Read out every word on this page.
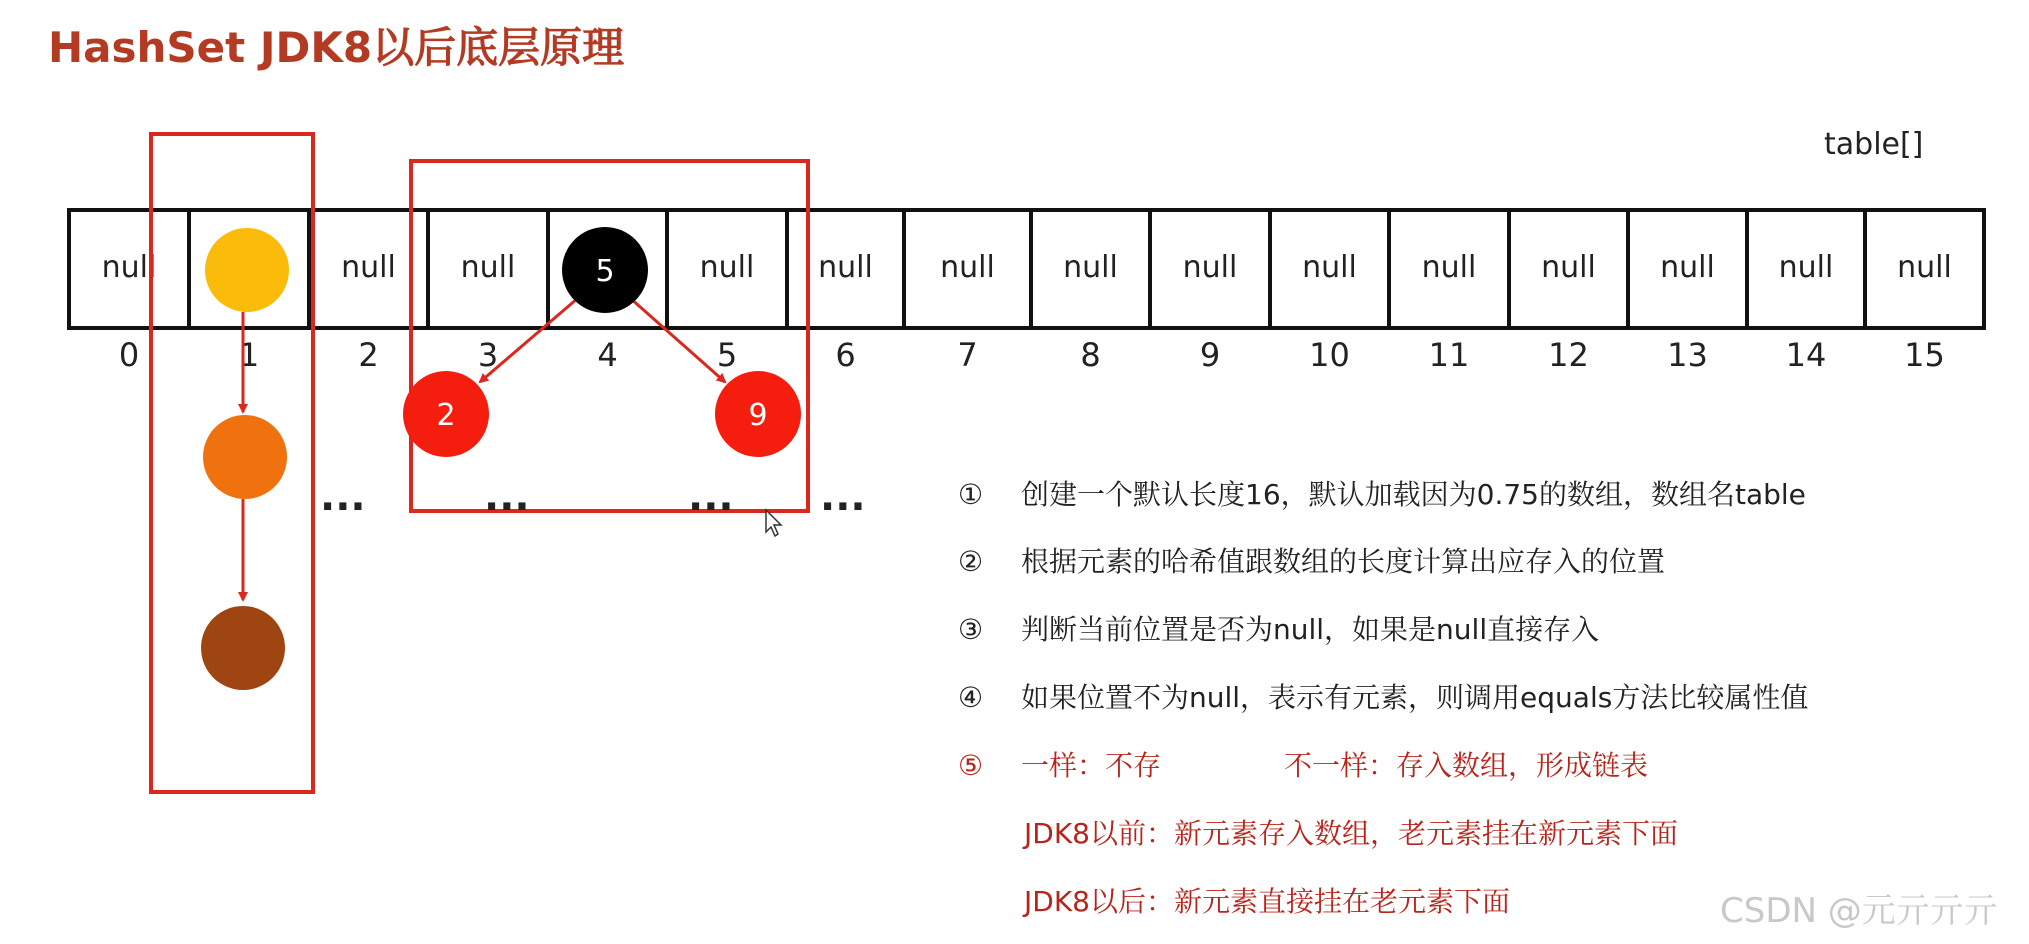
HashSet JDK8以后底层原理
table[]
null	null null	null null null null null null null null null null null
0	1	2	3	4	5	6	7	8	9	10 11 12 13 14 15
5
2	9
...	...	... ...	① 创建一个默认长度16，默认加载因为0.75的数组，数组名table
② 根据元素的哈希值跟数组的长度计算出应存入的位置
③ 判断当前位置是否为null，如果是null直接存入
④ 如果位置不为null，表示有元素，则调用equals方法比较属性值
⑤ 一样：不存	不一样：存入数组，形成链表
JDK8以前：新元素存入数组，老元素挂在新元素下面
JDK8以后：新元素直接挂在老元素下面	CSDN @元亓亓亓
